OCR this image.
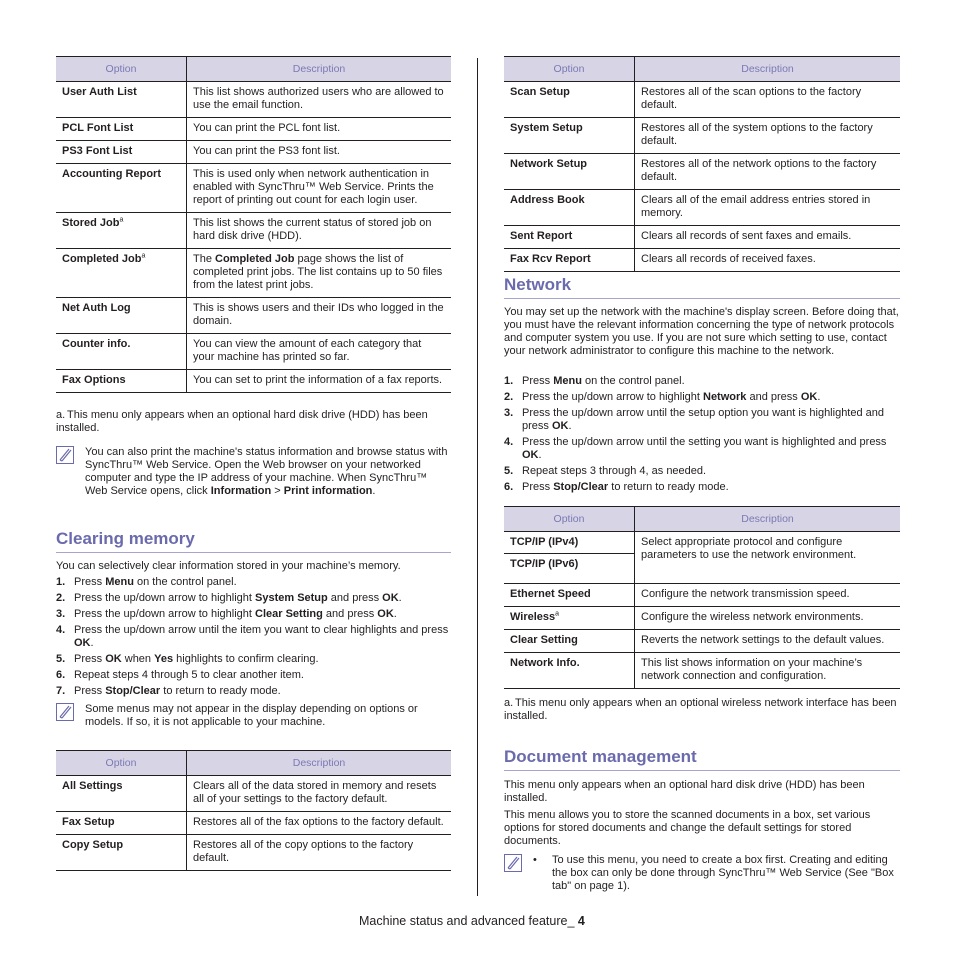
Option	Description
User Auth List	This list shows authorized users who are allowed to use the email function.
PCL Font List	You can print the PCL font list.
PS3 Font List	You can print the PS3 font list.
Accounting Report	This is used only when network authentication in enabled with SyncThru™ Web Service. Prints the report of printing out count for each login user.
Stored Job$^a$	This list shows the current status of stored job on hard disk drive (HDD).
Completed Job$^a$	The Completed Job page shows the list of completed print jobs. The list contains up to 50 files from the latest print jobs.
Net Auth Log	This is shows users and their IDs who logged in the domain.
Counter info.	You can view the amount of each category that your machine has printed so far.
Fax Options	You can set to print the information of a fax reports.
a. This menu only appears when an optional hard disk drive (HDD) has been installed.
You can also print the machine's status information and browse status with SyncThru™ Web Service. Open the Web browser on your networked computer and type the IP address of your machine. When SyncThru™ Web Service opens, click Information > Print information.
Clearing memory

You can selectively clear information stored in your machine’s memory.

1. Press Menu on the control panel.
2. Press the up/down arrow to highlight System Setup and press OK.
3. Press the up/down arrow to highlight Clear Setting and press OK.
4. Press the up/down arrow until the item you want to clear highlights and press OK.
5. Press OK when Yes highlights to confirm clearing.
6. Repeat steps 4 through 5 to clear another item.
7. Press Stop/Clear to return to ready mode.
Some menus may not appear in the display depending on options or models. If so, it is not applicable to your machine.
Option	Description
All Settings	Clears all of the data stored in memory and resets all of your settings to the factory default.
Fax Setup	Restores all of the fax options to the factory default.
Copy Setup	Restores all of the copy options to the factory default.
Option	Description
Scan Setup	Restores all of the scan options to the factory default.
System Setup	Restores all of the system options to the factory default.
Network Setup	Restores all of the network options to the factory default.
Address Book	Clears all of the email address entries stored in memory.
Sent Report	Clears all records of sent faxes and emails.
Fax Rcv Report	Clears all records of received faxes.
Network

You may set up the network with the machine's display screen. Before doing that, you must have the relevant information concerning the type of network protocols and computer system you use. If you are not sure which setting to use, contact your network administrator to configure this machine to the network.

1. Press Menu on the control panel.
2. Press the up/down arrow to highlight Network and press OK.
3. Press the up/down arrow until the setup option you want is highlighted and press OK.
4. Press the up/down arrow until the setting you want is highlighted and press OK.
5. Repeat steps 3 through 4, as needed.
6. Press Stop/Clear to return to ready mode.
Option	Description

TCP/IP (IPv4)
TCP/IP (IPv6)	Select appropriate protocol and configure parameters to use the network environment.
Ethernet Speed	Configure the network transmission speed.
Wireless$^a$	Configure the wireless network environments.
Clear Setting	Reverts the network settings to the default values.
Network Info.	This list shows information on your machine’s network connection and configuration.
a. This menu only appears when an optional wireless network interface has been installed.
Document management

This menu only appears when an optional hard disk drive (HDD) has been installed.

This menu allows you to store the scanned documents in a box, set various options for stored documents and change the default settings for stored documents.

• To use this menu, you need to create a box first. Creating and editing the box can only be done through SyncThru™ Web Service (See "Box tab" on page 1).
Machine status and advanced feature_ 4
